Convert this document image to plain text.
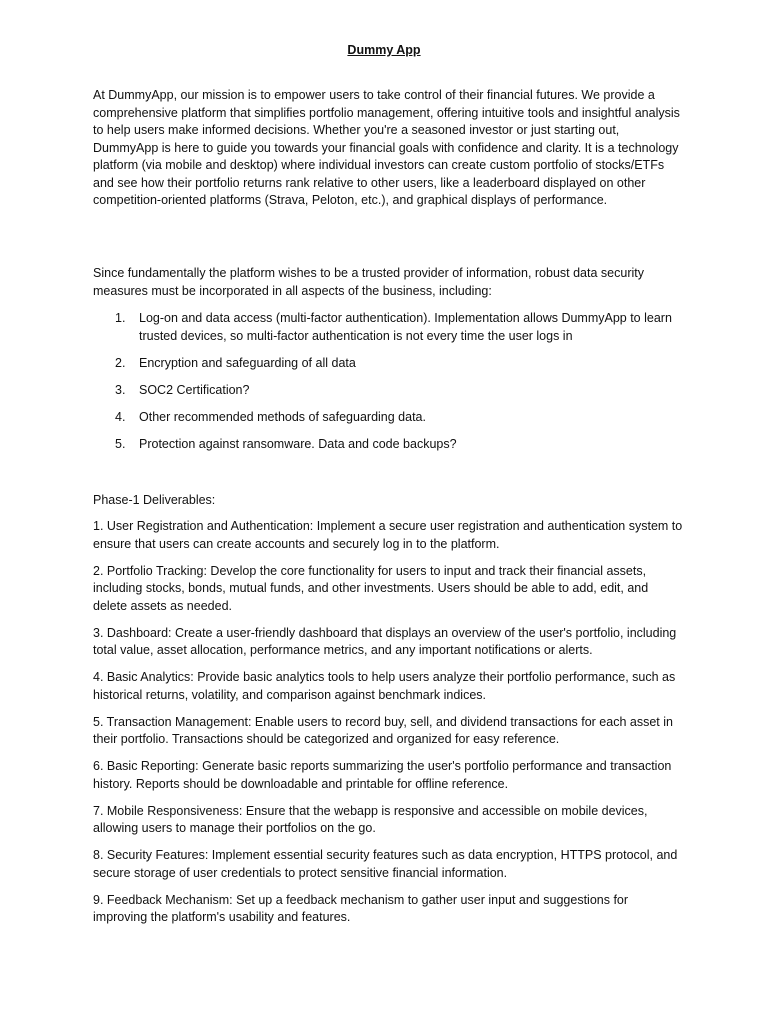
Dummy App

At DummyApp, our mission is to empower users to take control of their financial futures. We provide a comprehensive platform that simplifies portfolio management, offering intuitive tools and insightful analysis to help users make informed decisions. Whether you're a seasoned investor or just starting out, DummyApp is here to guide you towards your financial goals with confidence and clarity. It is a technology platform (via mobile and desktop) where individual investors can create custom portfolio of stocks/ETFs and see how their portfolio returns rank relative to other users, like a leaderboard displayed on other competition-oriented platforms (Strava, Peloton, etc.), and graphical displays of performance.

Since fundamentally the platform wishes to be a trusted provider of information, robust data security measures must be incorporated in all aspects of the business, including:

1. Log-on and data access (multi-factor authentication). Implementation allows DummyApp to learn trusted devices, so multi-factor authentication is not every time the user logs in
2. Encryption and safeguarding of all data
3. SOC2 Certification?
4. Other recommended methods of safeguarding data.
5. Protection against ransomware. Data and code backups?

Phase-1 Deliverables:

1. User Registration and Authentication: Implement a secure user registration and authentication system to ensure that users can create accounts and securely log in to the platform.

2. Portfolio Tracking: Develop the core functionality for users to input and track their financial assets, including stocks, bonds, mutual funds, and other investments. Users should be able to add, edit, and delete assets as needed.

3. Dashboard: Create a user-friendly dashboard that displays an overview of the user's portfolio, including total value, asset allocation, performance metrics, and any important notifications or alerts.

4. Basic Analytics: Provide basic analytics tools to help users analyze their portfolio performance, such as historical returns, volatility, and comparison against benchmark indices.

5. Transaction Management: Enable users to record buy, sell, and dividend transactions for each asset in their portfolio. Transactions should be categorized and organized for easy reference.

6. Basic Reporting: Generate basic reports summarizing the user's portfolio performance and transaction history. Reports should be downloadable and printable for offline reference.

7. Mobile Responsiveness: Ensure that the webapp is responsive and accessible on mobile devices, allowing users to manage their portfolios on the go.

8. Security Features: Implement essential security features such as data encryption, HTTPS protocol, and secure storage of user credentials to protect sensitive financial information.

9. Feedback Mechanism: Set up a feedback mechanism to gather user input and suggestions for improving the platform's usability and features.
